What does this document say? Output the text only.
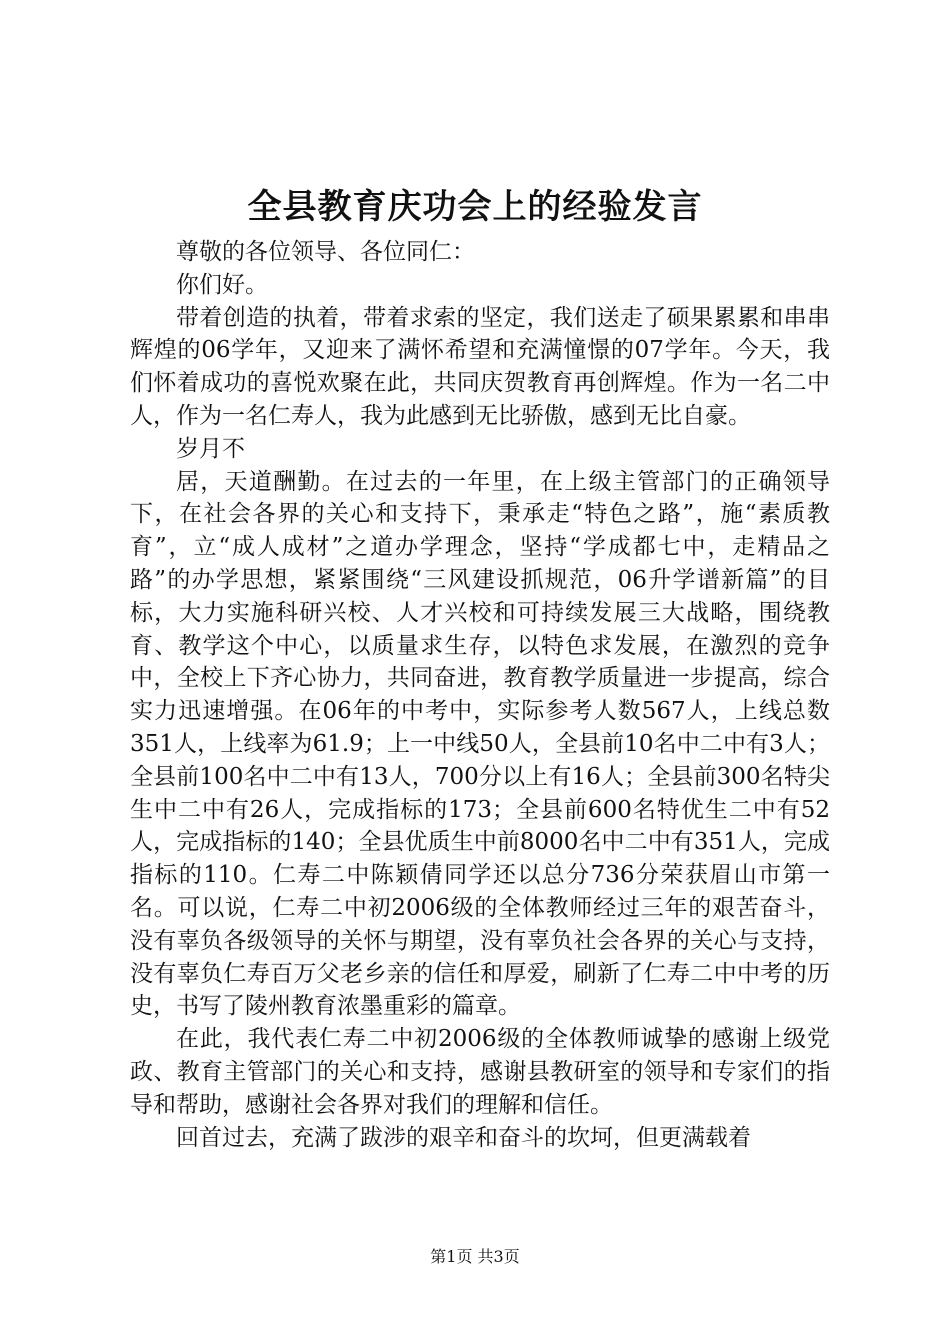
全县教育庆功会上的经验发言

尊敬的各位领导、各位同仁：

你们好。

带着创造的执着，带着求索的坚定，我们送走了硕果累累和串串辉煌的06学年，又迎来了满怀希望和充满憧憬的07学年。今天，我们怀着成功的喜悦欢聚在此，共同庆贺教育再创辉煌。作为一名二中人，作为一名仁寿人，我为此感到无比骄傲，感到无比自豪。

岁月不

居，天道酬勤。在过去的一年里，在上级主管部门的正确领导下，在社会各界的关心和支持下，秉承走“特色之路”，施“素质教育”，立“成人成材”之道办学理念，坚持“学成都七中，走精品之路”的办学思想，紧紧围绕“三风建设抓规范，06升学谱新篇”的目标，大力实施科研兴校、人才兴校和可持续发展三大战略，围绕教育、教学这个中心，以质量求生存，以特色求发展，在激烈的竞争中，全校上下齐心协力，共同奋进，教育教学质量进一步提高，综合实力迅速增强。在06年的中考中，实际参考人数567人，上线总数351人，上线率为61.9；上一中线50人，全县前10名中二中有3人；全县前100名中二中有13人，700分以上有16人；全县前300名特尖生中二中有26人，完成指标的173；全县前600名特优生二中有52人，完成指标的140；全县优质生中前8000名中二中有351人，完成指标的110。仁寿二中陈颖倩同学还以总分736分荣获眉山市第一名。可以说，仁寿二中初2006级的全体教师经过三年的艰苦奋斗，没有辜负各级领导的关怀与期望，没有辜负社会各界的关心与支持，没有辜负仁寿百万父老乡亲的信任和厚爱，刷新了仁寿二中中考的历史，书写了陵州教育浓墨重彩的篇章。

在此，我代表仁寿二中初2006级的全体教师诚挚的感谢上级党政、教育主管部门的关心和支持，感谢县教研室的领导和专家们的指导和帮助，感谢社会各界对我们的理解和信任。

回首过去，充满了跋涉的艰辛和奋斗的坎坷，但更满载着

第1页 共3页
